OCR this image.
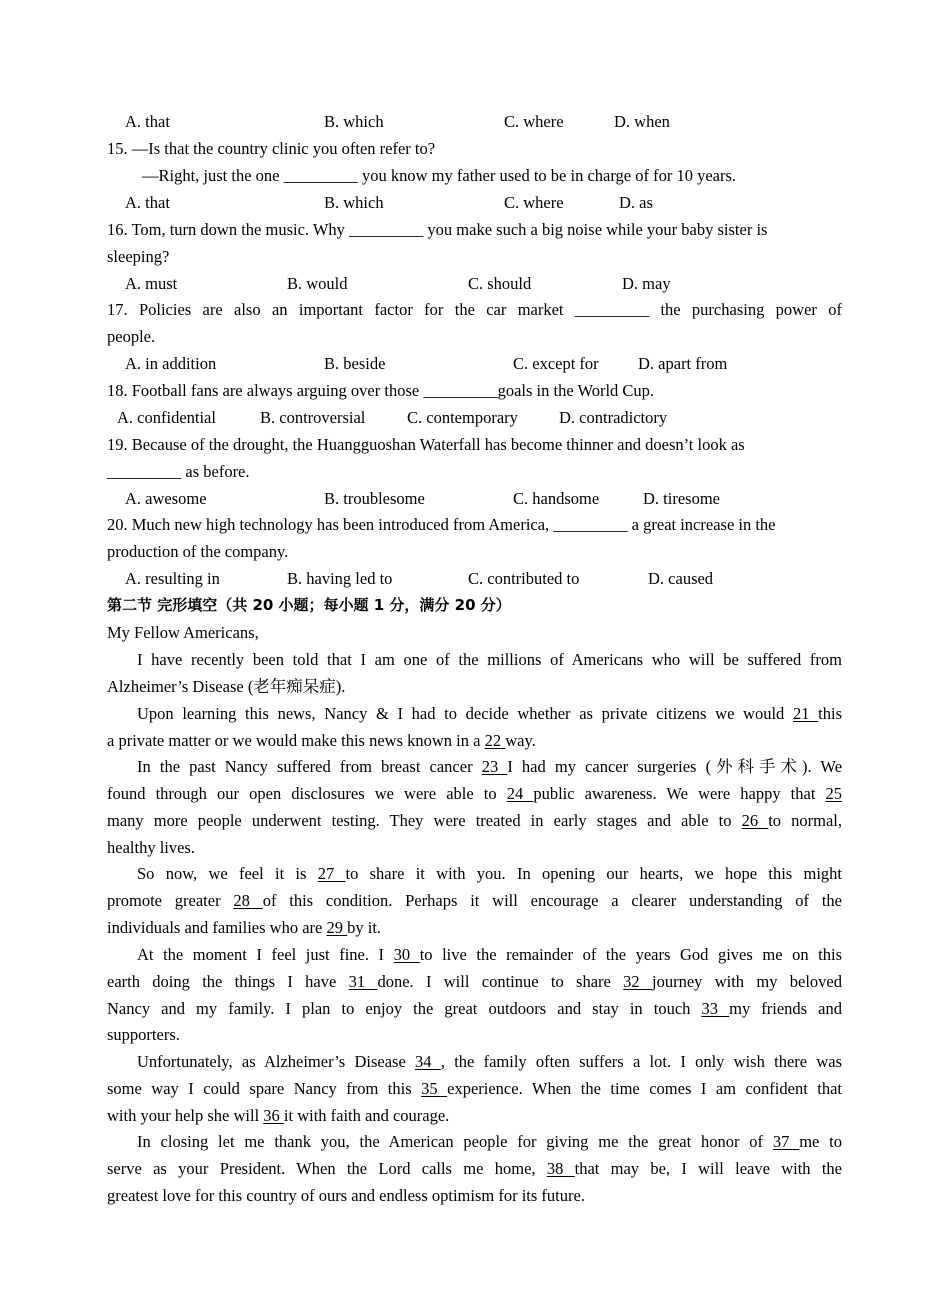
A. that	B. which	C. where	D. when
15. —Is that the country clinic you often refer to?
—Right, just the one _________ you know my father used to be in charge of for 10 years.
A. that	B. which	C. where	D. as
16. Tom, turn down the music. Why _________ you make such a big noise while your baby sister is
sleeping?
A. must	B. would	C. should	D. may
17. Policies are also an important factor for the car market _________ the purchasing power of
people.
A. in addition	B. beside	C. except for D. apart from
18. Football fans are always arguing over those _________goals in the World Cup.
A. confidential	B. controversial	C. contemporary D. contradictory
19. Because of the drought, the Huangguoshan Waterfall has become thinner and doesn’t look as
_________ as before.
A. awesome	B. troublesome	C. handsome	D. tiresome
20. Much new high technology has been introduced from America, _________ a great increase in the
production of the company.
A. resulting in	B. having led to	C. contributed to	D. caused
第二节 完形填空（共 20 小题；每小题 1 分，满分 20 分）
My Fellow Americans,
I have recently been told that I am one of the millions of Americans who will be suffered from
Alzheimer’s Disease (老年痴呆症).
Upon learning this news, Nancy & I had to decide whether as private citizens we would 21 this
a private matter or we would make this news known in a 22 way.
In the past Nancy suffered from breast cancer 23 I had my cancer surgeries (外科手术). We
found through our open disclosures we were able to 24 public awareness. We were happy that 25
many more people underwent testing. They were treated in early stages and able to 26 to normal,
healthy lives.
So now, we feel it is 27 to share it with you. In opening our hearts, we hope this might
promote greater 28 of this condition. Perhaps it will encourage a clearer understanding of the
individuals and families who are 29 by it.
At the moment I feel just fine. I 30 to live the remainder of the years God gives me on this
earth doing the things I have 31 done. I will continue to share 32 journey with my beloved
Nancy and my family. I plan to enjoy the great outdoors and stay in touch 33 my friends and
supporters.
Unfortunately, as Alzheimer’s Disease 34 , the family often suffers a lot. I only wish there was
some way I could spare Nancy from this 35 experience. When the time comes I am confident that
with your help she will 36 it with faith and courage.
In closing let me thank you, the American people for giving me the great honor of 37 me to
serve as your President. When the Lord calls me home, 38 that may be, I will leave with the
greatest love for this country of ours and endless optimism for its future.
